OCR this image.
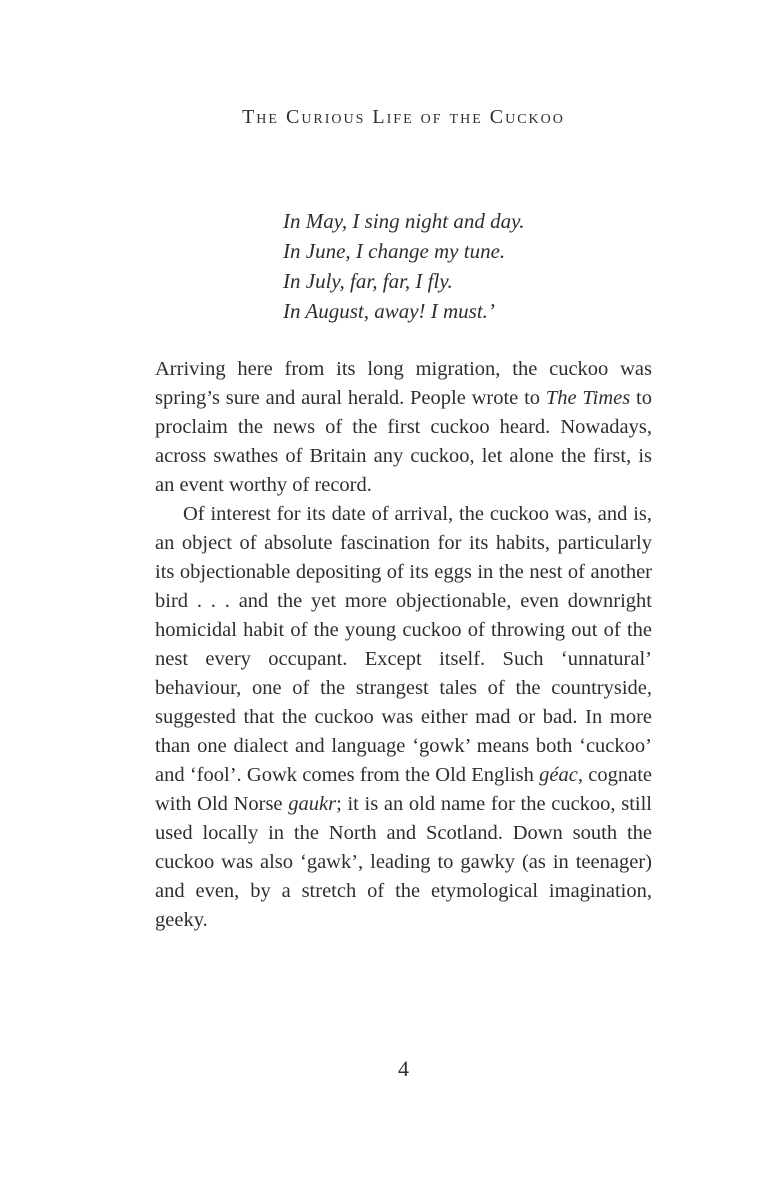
The Curious Life of the Cuckoo
In May, I sing night and day.
In June, I change my tune.
In July, far, far, I fly.
In August, away! I must.’

Arriving here from its long migration, the cuckoo was spring’s sure and aural herald. People wrote to The Times to proclaim the news of the first cuckoo heard. Nowadays, across swathes of Britain any cuckoo, let alone the first, is an event worthy of record.

Of interest for its date of arrival, the cuckoo was, and is, an object of absolute fascination for its habits, particularly its objectionable depositing of its eggs in the nest of another bird . . . and the yet more objectionable, even downright homicidal habit of the young cuckoo of throwing out of the nest every occupant. Except itself. Such ‘unnatural’ behaviour, one of the strangest tales of the countryside, suggested that the cuckoo was either mad or bad. In more than one dialect and language ‘gowk’ means both ‘cuckoo’ and ‘fool’. Gowk comes from the Old English géac, cognate with Old Norse gaukr; it is an old name for the cuckoo, still used locally in the North and Scotland. Down south the cuckoo was also ‘gawk’, leading to gawky (as in teenager) and even, by a stretch of the etymological imagination, geeky.

4
